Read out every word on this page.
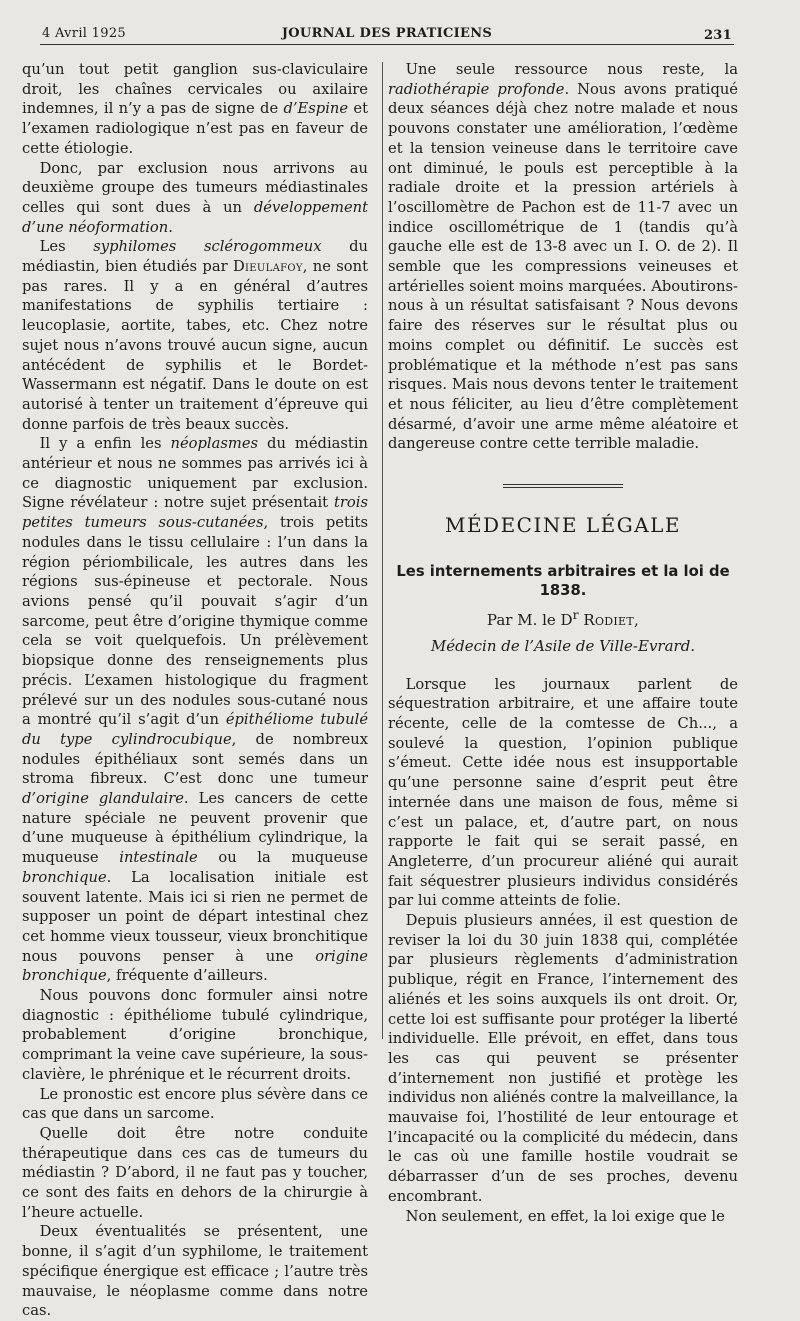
4 Avril 1925	JOURNAL DES PRATICIENS	231

qu’un tout petit ganglion sus-claviculaire droit, les chaînes cervicales ou axilaire indemnes, il n’y a pas de signe de d’Espine et l’examen radiologique n’est pas en faveur de cette étiologie.

Donc, par exclusion nous arrivons au deuxième groupe des tumeurs médiastinales celles qui sont dues à un développement d’une néoformation.

Les syphilomes sclérogommeux du médiastin, bien étudiés par Dieulafoy, ne sont pas rares. Il y a en général d’autres manifestations de syphilis tertiaire : leucoplasie, aortite, tabes, etc. Chez notre sujet nous n’avons trouvé aucun signe, aucun antécédent de syphilis et le Bordet-Wassermann est négatif. Dans le doute on est autorisé à tenter un traitement d’épreuve qui donne parfois de très beaux succès.

Il y a enfin les néoplasmes du médiastin antérieur et nous ne sommes pas arrivés ici à ce diagnostic uniquement par exclusion. Signe révélateur : notre sujet présentait trois petites tumeurs sous-cutanées, trois petits nodules dans le tissu cellulaire : l’un dans la région périombilicale, les autres dans les régions sus-épineuse et pectorale. Nous avions pensé qu’il pouvait s’agir d’un sarcome, peut être d’origine thymique comme cela se voit quelquefois. Un prélèvement biopsique donne des renseignements plus précis. L’examen histologique du fragment prélevé sur un des nodules sous-cutané nous a montré qu’il s’agit d’un épithéliome tubulé du type cylindrocubique, de nombreux nodules épithéliaux sont semés dans un stroma fibreux. C’est donc une tumeur d’origine glandulaire. Les cancers de cette nature spéciale ne peuvent provenir que d’une muqueuse à épithélium cylindrique, la muqueuse intestinale ou la muqueuse bronchique. La localisation initiale est souvent latente. Mais ici si rien ne permet de supposer un point de départ intestinal chez cet homme vieux tousseur, vieux bronchitique nous pouvons penser à une origine bronchique, fréquente d’ailleurs.

Nous pouvons donc formuler ainsi notre diagnostic : épithéliome tubulé cylindrique, probablement d’origine bronchique, comprimant la veine cave supérieure, la sous-clavière, le phrénique et le récurrent droits.

Le pronostic est encore plus sévère dans ce cas que dans un sarcome.

Quelle doit être notre conduite thérapeutique dans ces cas de tumeurs du médiastin ? D’abord, il ne faut pas y toucher, ce sont des faits en dehors de la chirurgie à l’heure actuelle.

Deux éventualités se présentent, une bonne, il s’agit d’un syphilome, le traitement spécifique énergique est efficace ; l’autre très mauvaise, le néoplasme comme dans notre cas.

Une seule ressource nous reste, la radiothérapie profonde. Nous avons pratiqué deux séances déjà chez notre malade et nous pouvons constater une amélioration, l’œdème et la tension veineuse dans le territoire cave ont diminué, le pouls est perceptible à la radiale droite et la pression artériels à l’oscillomètre de Pachon est de 11-7 avec un indice oscillométrique de 1 (tandis qu’à gauche elle est de 13-8 avec un I. O. de 2). Il semble que les compressions veineuses et artérielles soient moins marquées. Aboutirons-nous à un résultat satisfaisant ? Nous devons faire des réserves sur le résultat plus ou moins complet ou définitif. Le succès est problématique et la méthode n’est pas sans risques. Mais nous devons tenter le traitement et nous féliciter, au lieu d’être complètement désarmé, d’avoir une arme même aléatoire et dangereuse contre cette terrible maladie.

MÉDECINE LÉGALE
Les internements arbitraires et la loi de 1838.
Par M. le $D^r$ Rodiet,
Médecin de l’Asile de Ville-Evrard.

Lorsque les journaux parlent de séquestration arbitraire, et une affaire toute récente, celle de la comtesse de Ch..., a soulevé la question, l’opinion publique s’émeut. Cette idée nous est insupportable qu’une personne saine d’esprit peut être internée dans une maison de fous, même si c’est un palace, et, d’autre part, on nous rapporte le fait qui se serait passé, en Angleterre, d’un procureur aliéné qui aurait fait séquestrer plusieurs individus considérés par lui comme atteints de folie.

Depuis plusieurs années, il est question de reviser la loi du 30 juin 1838 qui, complétée par plusieurs règlements d’administration publique, régit en France, l’internement des aliénés et les soins auxquels ils ont droit. Or, cette loi est suffisante pour protéger la liberté individuelle. Elle prévoit, en effet, dans tous les cas qui peuvent se présenter d’internement non justifié et protège les individus non aliénés contre la malveillance, la mauvaise foi, l’hostilité de leur entourage et l’incapacité ou la complicité du médecin, dans le cas où une famille hostile voudrait se débarrasser d’un de ses proches, devenu encombrant.

Non seulement, en effet, la loi exige que le
